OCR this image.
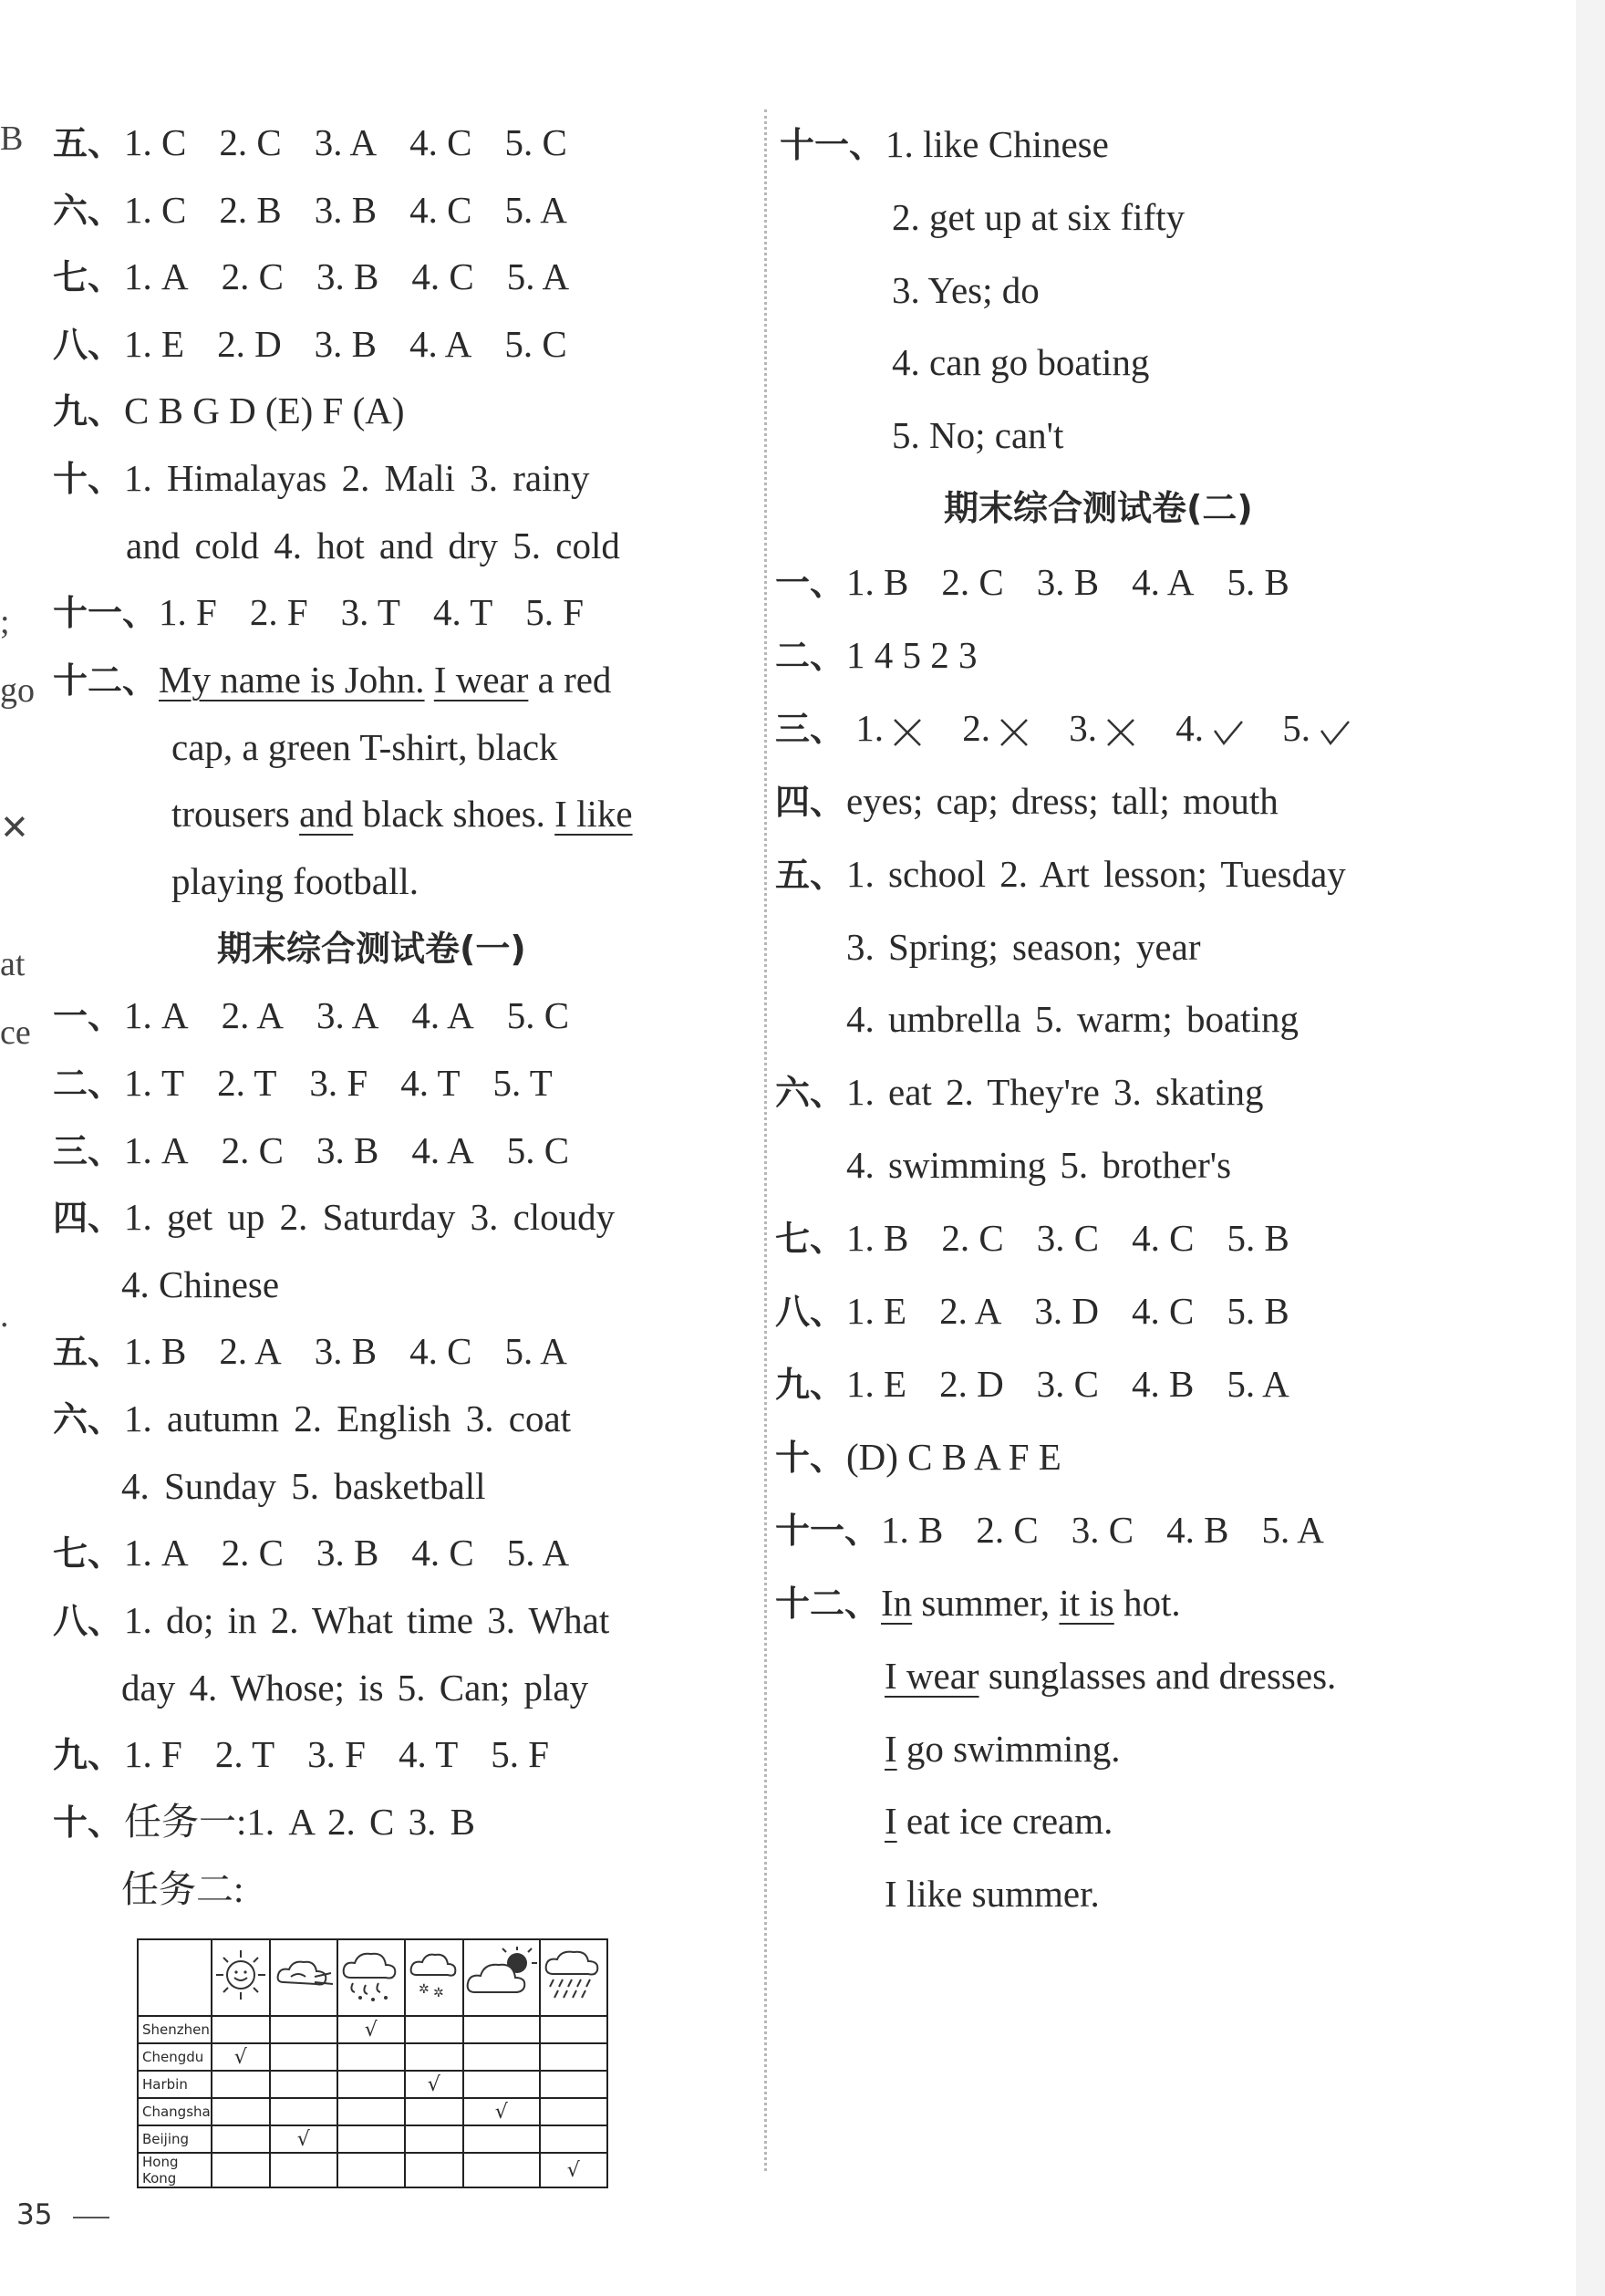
B
;
go
✕
at
ce
.
五、1. C 2. C 3. A 4. C 5. C
六、1. C 2. B 3. B 4. C 5. A
七、1. A 2. C 3. B 4. C 5. A
八、1. E 2. D 3. B 4. A 5. C
九、C B G D (E) F (A)
十、1. Himalayas 2. Mali 3. rainy
and cold 4. hot and dry 5. cold
十一、1. F 2. F 3. T 4. T 5. F
十二、My name is John. I wear a red
cap, a green T-shirt, black
trousers and black shoes. I like
playing football.
期末综合测试卷(一)
一、1. A 2. A 3. A 4. A 5. C
二、1. T 2. T 3. F 4. T 5. T
三、1. A 2. C 3. B 4. A 5. C
四、1. get up 2. Saturday 3. cloudy
4. Chinese
五、1. B 2. A 3. B 4. C 5. A
六、1. autumn 2. English 3. coat
4. Sunday 5. basketball
七、1. A 2. C 3. B 4. C 5. A
八、1. do; in 2. What time 3. What
day 4. Whose; is 5. Can; play
九、1. F 2. T 3. F 4. T 5. F
十、任务一:1. A 2. C 3. B
任务二:

✲ ✲

Shenzhen			√			
Chengdu	√					
Harbin				√		
Changsha					√	
Beijing		√				
Hong Kong						√
35
十一、1. like Chinese
2. get up at six fifty
3. Yes; do
4. can go boating
5. No; can't
期末综合测试卷(二)
一、1. B 2. C 3. B 4. A 5. B
二、1 4 5 2 3
三、 1. 2. 3. 4. 5.
四、eyes; cap; dress; tall; mouth
五、1. school 2. Art lesson; Tuesday
3. Spring; season; year
4. umbrella 5. warm; boating
六、1. eat 2. They're 3. skating
4. swimming 5. brother's
七、1. B 2. C 3. C 4. C 5. B
八、1. E 2. A 3. D 4. C 5. B
九、1. E 2. D 3. C 4. B 5. A
十、(D) C B A F E
十一、1. B 2. C 3. C 4. B 5. A
十二、In summer, it is hot.
I wear sunglasses and dresses.
I go swimming.
I eat ice cream.
I like summer.
